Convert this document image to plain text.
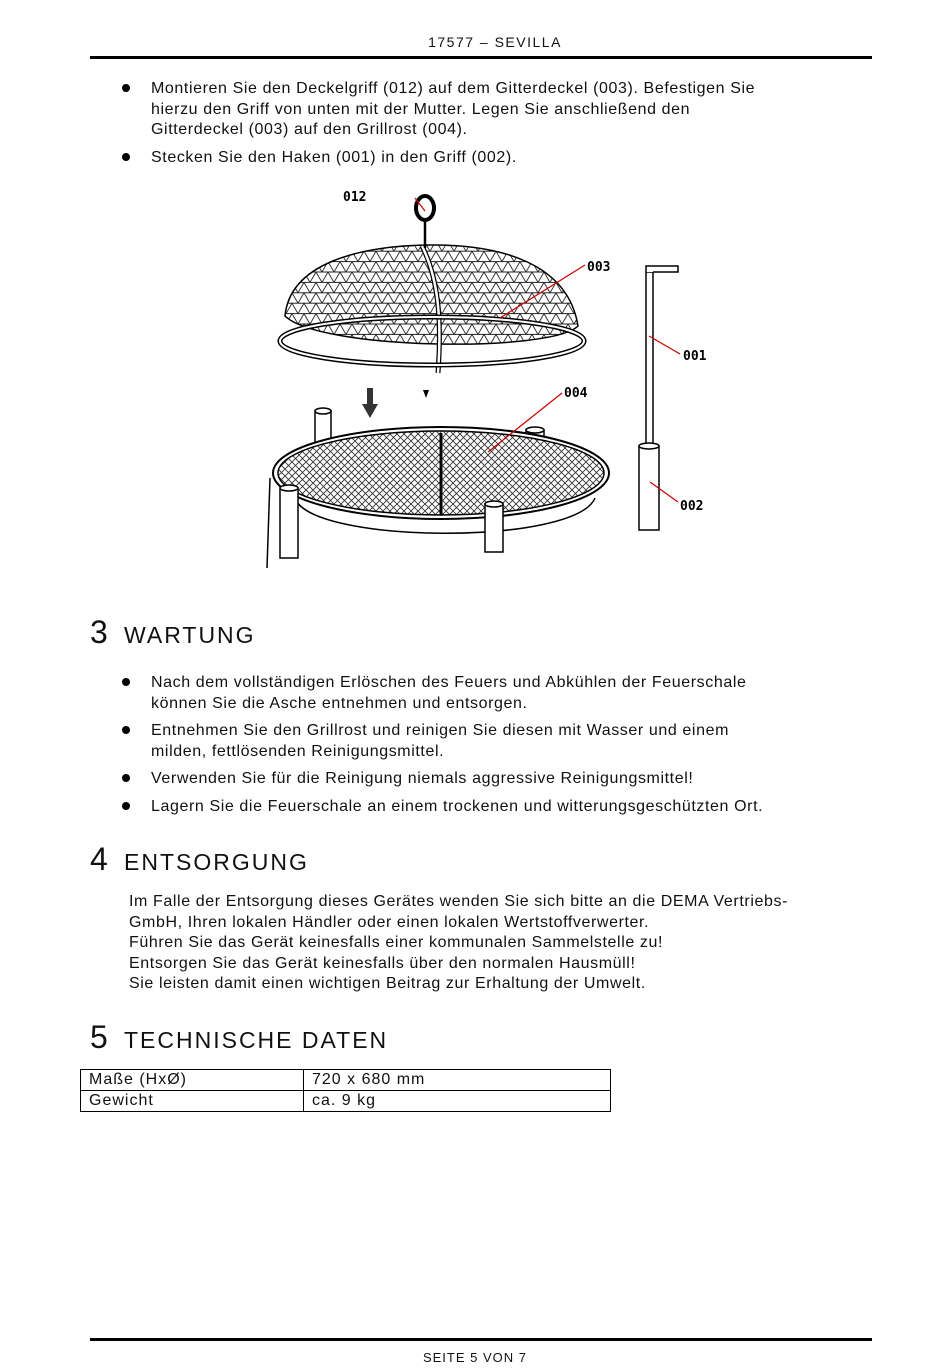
17577 – SEVILLA
Montieren Sie den Deckelgriff (012) auf dem Gitterdeckel (003). Befestigen Sie
hierzu den Griff von unten mit der Mutter. Legen Sie anschließend den
Gitterdeckel (003) auf den Grillrost (004).
Stecken Sie den Haken (001) in den Griff (002).
012
003
001
004
002
3 WARTUNG
Nach dem vollständigen Erlöschen des Feuers und Abkühlen der Feuerschale
können Sie die Asche entnehmen und entsorgen.
Entnehmen Sie den Grillrost und reinigen Sie diesen mit Wasser und einem
milden, fettlösenden Reinigungsmittel.
Verwenden Sie für die Reinigung niemals aggressive Reinigungsmittel!
Lagern Sie die Feuerschale an einem trockenen und witterungsgeschützten Ort.
4 ENTSORGUNG
Im Falle der Entsorgung dieses Gerätes wenden Sie sich bitte an die DEMA Vertriebs-
GmbH, Ihren lokalen Händler oder einen lokalen Wertstoffverwerter.
Führen Sie das Gerät keinesfalls einer kommunalen Sammelstelle zu!
Entsorgen Sie das Gerät keinesfalls über den normalen Hausmüll!
Sie leisten damit einen wichtigen Beitrag zur Erhaltung der Umwelt.
5 TECHNISCHE DATEN
Maße (HxØ)	720 x 680 mm
Gewicht	ca. 9 kg
SEITE 5 VON 7
